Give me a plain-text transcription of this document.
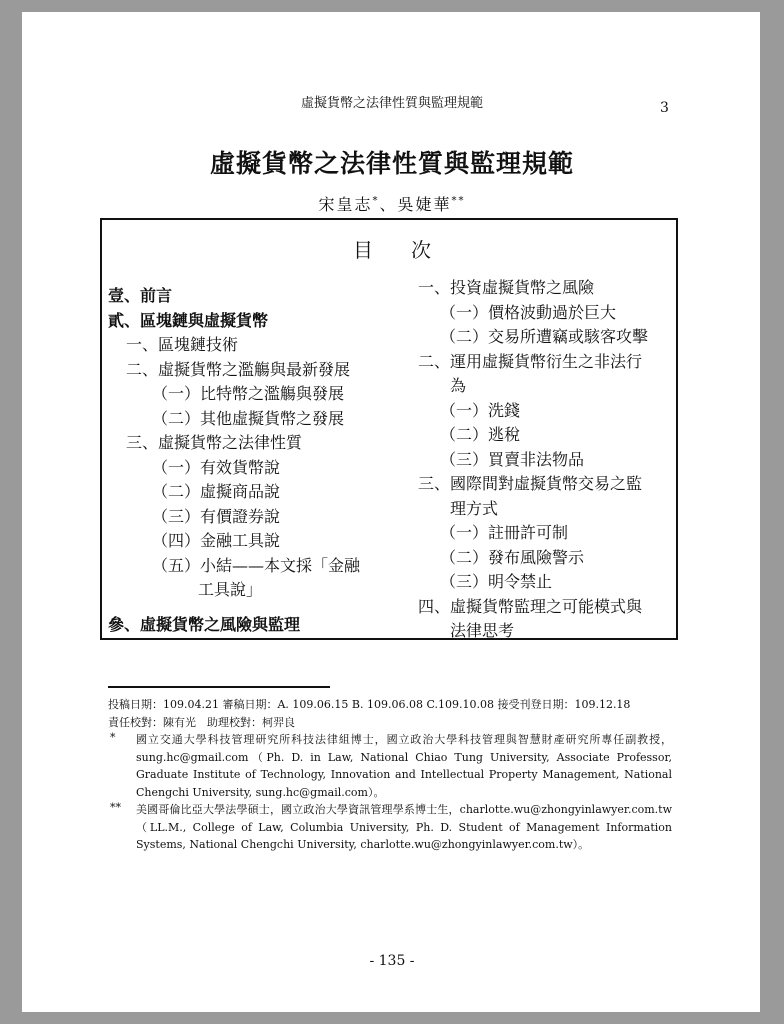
虛擬貨幣之法律性質與監理規範	3
虛擬貨幣之法律性質與監理規範
宋皇志*、吳婕華**
目次
壹、前言
貳、區塊鏈與虛擬貨幣
一、區塊鏈技術
二、虛擬貨幣之濫觴與最新發展
（一）比特幣之濫觴與發展
（二）其他虛擬貨幣之發展
三、虛擬貨幣之法律性質
（一）有效貨幣說
（二）虛擬商品說
（三）有價證券說
（四）金融工具說
（五）小結——本文採「金融
工具說」
參、虛擬貨幣之風險與監理
一、投資虛擬貨幣之風險
（一）價格波動過於巨大
（二）交易所遭竊或駭客攻擊
二、運用虛擬貨幣衍生之非法行
為
（一）洗錢
（二）逃稅
（三）買賣非法物品
三、國際間對虛擬貨幣交易之監
理方式
（一）註冊許可制
（二）發布風險警示
（三）明令禁止
四、虛擬貨幣監理之可能模式與
法律思考
投稿日期：109.04.21 審稿日期：A. 109.06.15 B. 109.06.08 C.109.10.08 接受刊登日期：109.12.18
責任校對：陳有光　助理校對：柯羿良
* 國立交通大學科技管理研究所科技法律組博士，國立政治大學科技管理與智慧財產研究所專任副教授，sung.hc@gmail.com（Ph. D. in Law, National Chiao Tung University, Associate Professor, Graduate Institute of Technology, Innovation and Intellectual Property Management, National Chengchi University, sung.hc@gmail.com）。
** 美國哥倫比亞大學法學碩士，國立政治大學資訊管理學系博士生，charlotte.wu@zhongyinlawyer.com.tw（LL.M., College of Law, Columbia University, Ph. D. Student of Management Information Systems, National Chengchi University, charlotte.wu@zhongyinlawyer.com.tw）。
- 135 -
